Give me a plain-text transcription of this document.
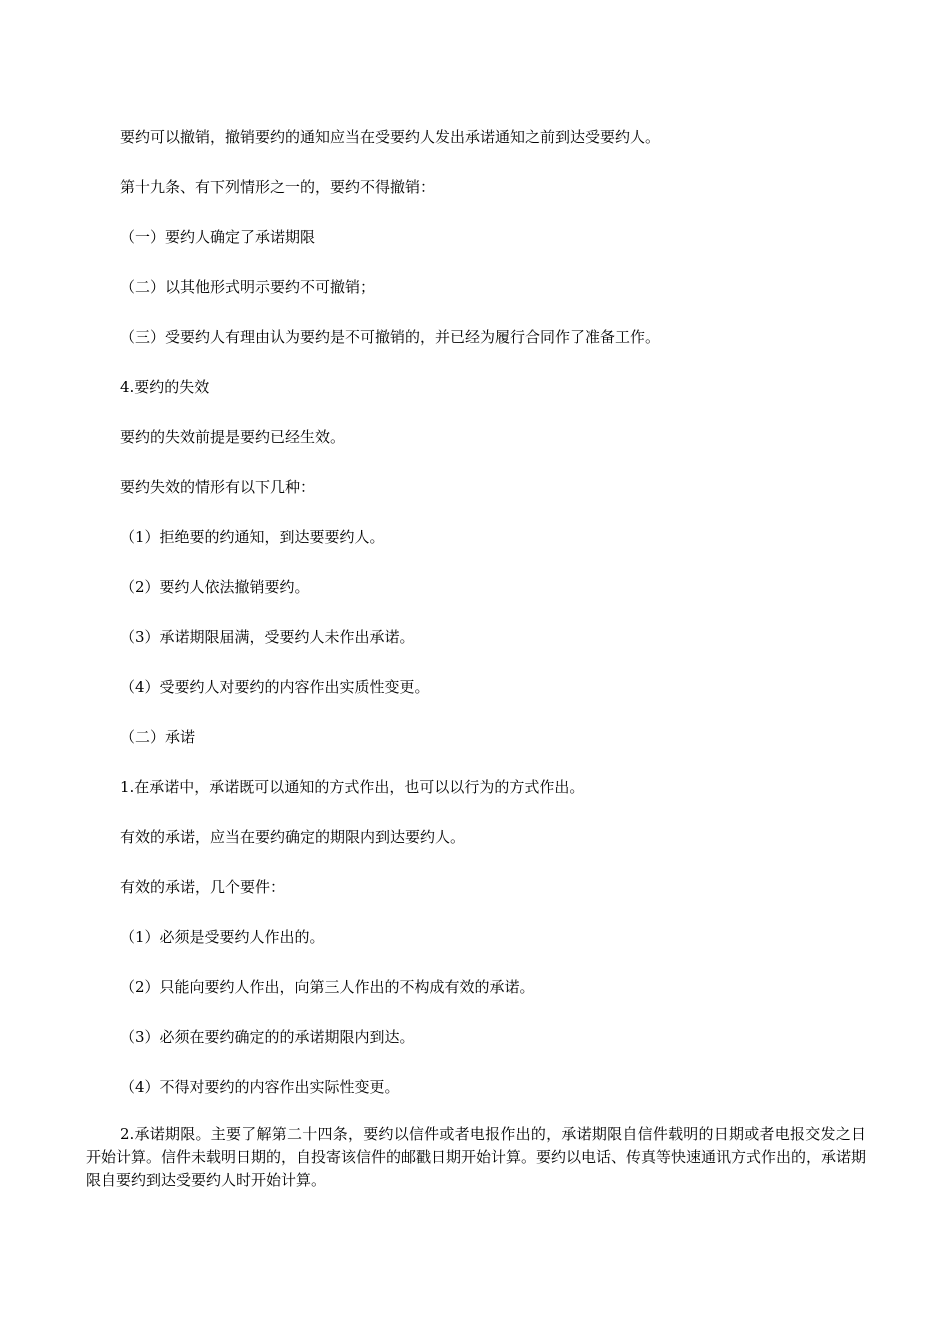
要约可以撤销，撤销要约的通知应当在受要约人发出承诺通知之前到达受要约人。

第十九条、有下列情形之一的，要约不得撤销：

（一）要约人确定了承诺期限

（二）以其他形式明示要约不可撤销；

（三）受要约人有理由认为要约是不可撤销的，并已经为履行合同作了准备工作。

4.要约的失效

要约的失效前提是要约已经生效。

要约失效的情形有以下几种：

（1）拒绝要的约通知，到达要要约人。

（2）要约人依法撤销要约。

（3）承诺期限届满，受要约人未作出承诺。

（4）受要约人对要约的内容作出实质性变更。

（二）承诺

1.在承诺中，承诺既可以通知的方式作出，也可以以行为的方式作出。

有效的承诺，应当在要约确定的期限内到达要约人。

有效的承诺，几个要件：

（1）必须是受要约人作出的。

（2）只能向要约人作出，向第三人作出的不构成有效的承诺。

（3）必须在要约确定的的承诺期限内到达。

（4）不得对要约的内容作出实际性变更。

2.承诺期限。主要了解第二十四条，要约以信件或者电报作出的，承诺期限自信件载明的日期或者电报交发之日开始计算。信件未载明日期的，自投寄该信件的邮戳日期开始计算。要约以电话、传真等快速通讯方式作出的，承诺期限自要约到达受要约人时开始计算。
